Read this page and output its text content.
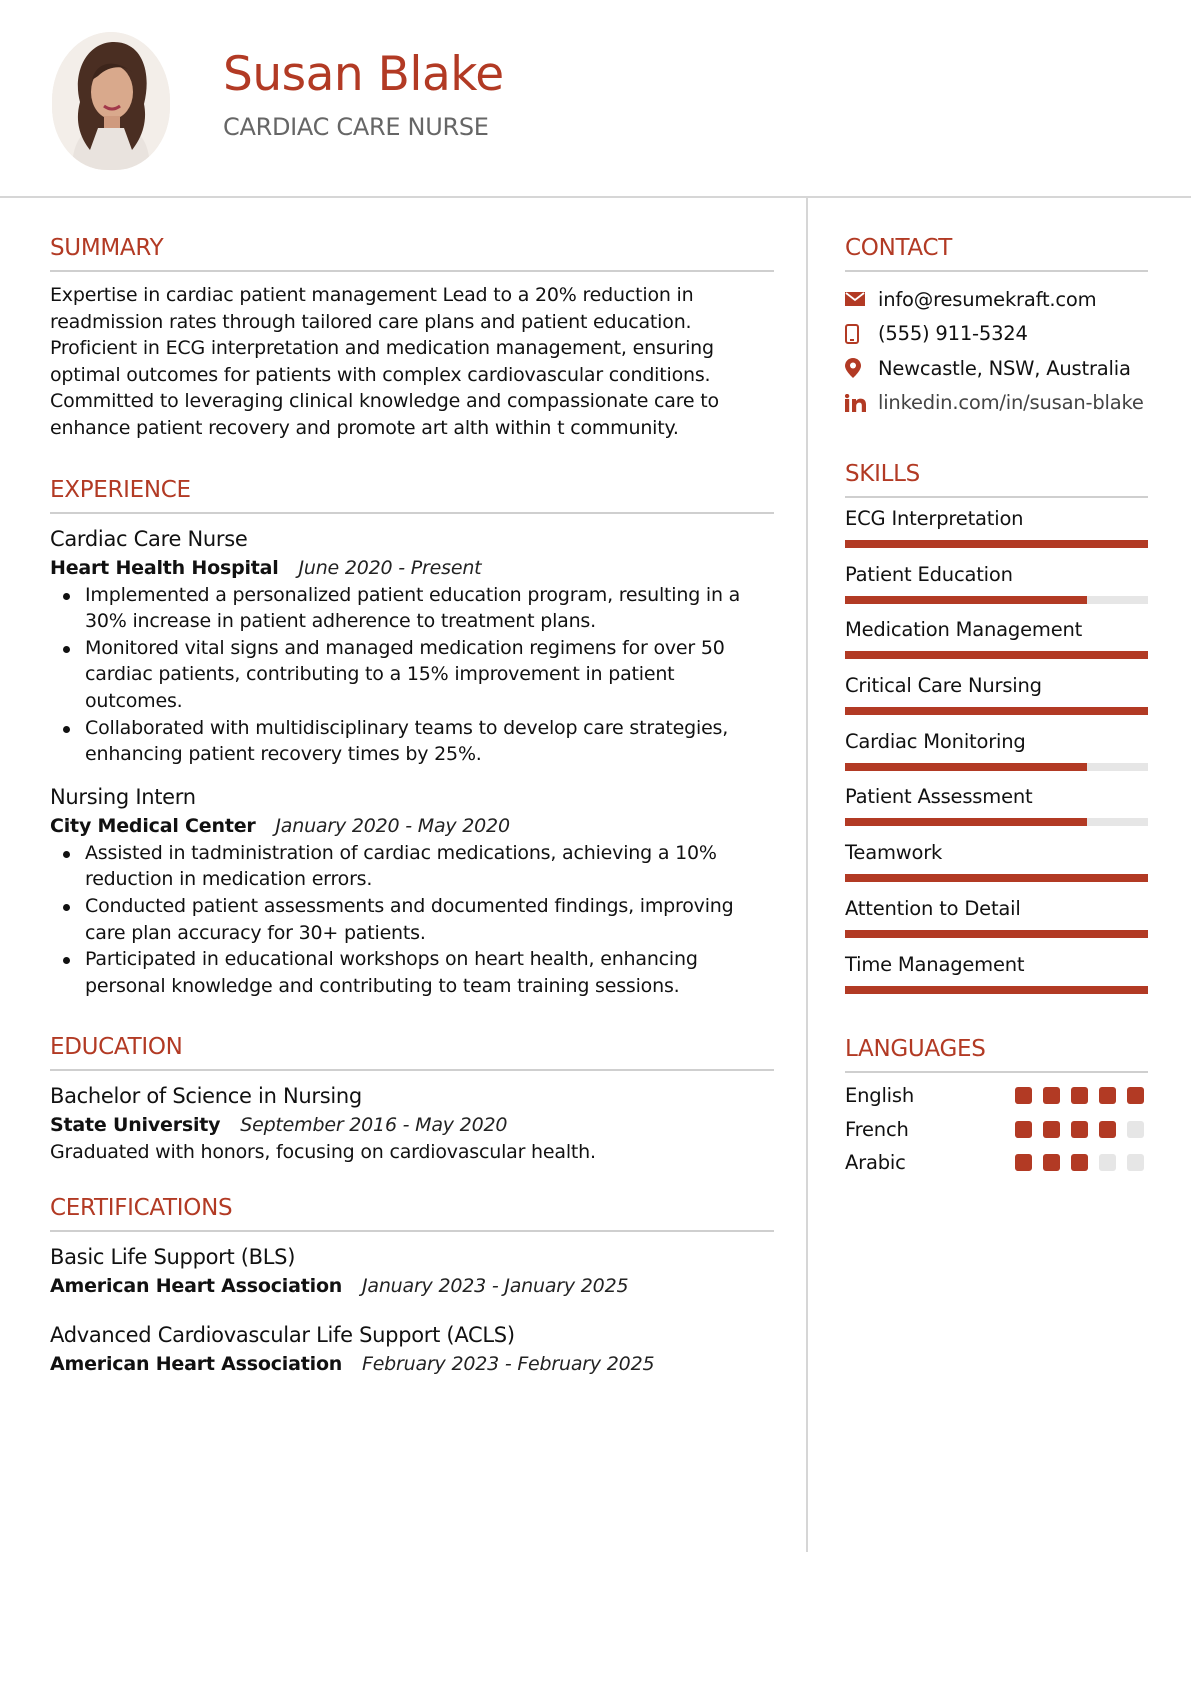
Susan Blake
CARDIAC CARE NURSE
SUMMARY

Expertise in cardiac patient management Lead to a 20% reduction in readmission rates through tailored care plans and patient education. Proficient in ECG interpretation and medication management, ensuring optimal outcomes for patients with complex cardiovascular conditions. Committed to leveraging clinical knowledge and compassionate care to enhance patient recovery and promote art alth within t community.

EXPERIENCE
Cardiac Care Nurse
Heart Health Hospital June 2020 - Present
Implemented a personalized patient education program, resulting in a 30% increase in patient adherence to treatment plans.
Monitored vital signs and managed medication regimens for over 50 cardiac patients, contributing to a 15% improvement in patient outcomes.
Collaborated with multidisciplinary teams to develop care strategies, enhancing patient recovery times by 25%.
Nursing Intern
City Medical Center January 2020 - May 2020
Assisted in tadministration of cardiac medications, achieving a 10% reduction in medication errors.
Conducted patient assessments and documented findings, improving care plan accuracy for 30+ patients.
Participated in educational workshops on heart health, enhancing personal knowledge and contributing to team training sessions.
EDUCATION
Bachelor of Science in Nursing
State University September 2016 - May 2020

Graduated with honors, focusing on cardiovascular health.

CERTIFICATIONS
Basic Life Support (BLS)
American Heart Association January 2023 - January 2025
Advanced Cardiovascular Life Support (ACLS)
American Heart Association February 2023 - February 2025
CONTACT
info@resumekraft.com
(555) 911-5324
Newcastle, NSW, Australia
linkedin.com/in/susan-blake
SKILLS
ECG Interpretation
Patient Education
Medication Management
Critical Care Nursing
Cardiac Monitoring
Patient Assessment
Teamwork
Attention to Detail
Time Management
LANGUAGES
English
French
Arabic
